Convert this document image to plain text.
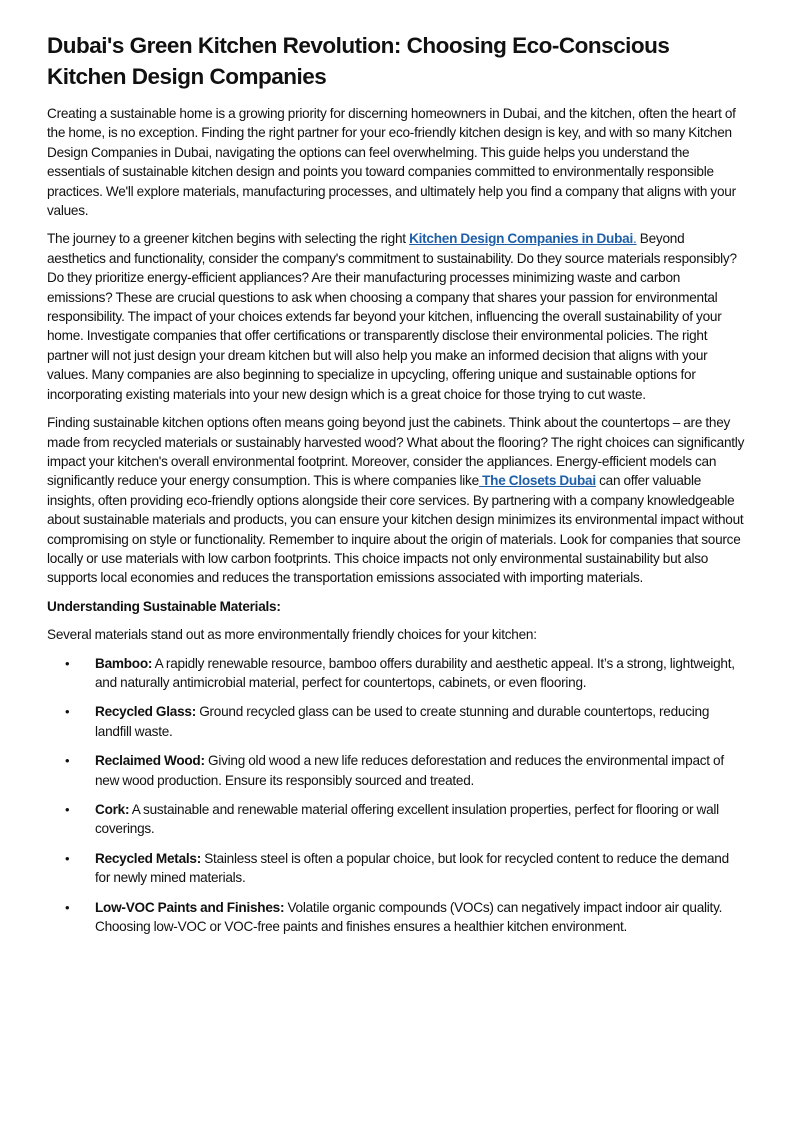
Dubai's Green Kitchen Revolution: Choosing Eco-Conscious Kitchen Design Companies

Creating a sustainable home is a growing priority for discerning homeowners in Dubai, and the kitchen, often the heart of the home, is no exception. Finding the right partner for your eco-friendly kitchen design is key, and with so many Kitchen Design Companies in Dubai, navigating the options can feel overwhelming. This guide helps you understand the essentials of sustainable kitchen design and points you toward companies committed to environmentally responsible practices. We'll explore materials, manufacturing processes, and ultimately help you find a company that aligns with your values.

The journey to a greener kitchen begins with selecting the right Kitchen Design Companies in Dubai. Beyond aesthetics and functionality, consider the company's commitment to sustainability. Do they source materials responsibly? Do they prioritize energy-efficient appliances? Are their manufacturing processes minimizing waste and carbon emissions? These are crucial questions to ask when choosing a company that shares your passion for environmental responsibility. The impact of your choices extends far beyond your kitchen, influencing the overall sustainability of your home. Investigate companies that offer certifications or transparently disclose their environmental policies. The right partner will not just design your dream kitchen but will also help you make an informed decision that aligns with your values. Many companies are also beginning to specialize in upcycling, offering unique and sustainable options for incorporating existing materials into your new design which is a great choice for those trying to cut waste.

Finding sustainable kitchen options often means going beyond just the cabinets. Think about the countertops – are they made from recycled materials or sustainably harvested wood? What about the flooring? The right choices can significantly impact your kitchen's overall environmental footprint. Moreover, consider the appliances. Energy-efficient models can significantly reduce your energy consumption. This is where companies like The Closets Dubai can offer valuable insights, often providing eco-friendly options alongside their core services. By partnering with a company knowledgeable about sustainable materials and products, you can ensure your kitchen design minimizes its environmental impact without compromising on style or functionality. Remember to inquire about the origin of materials. Look for companies that source locally or use materials with low carbon footprints. This choice impacts not only environmental sustainability but also supports local economies and reduces the transportation emissions associated with importing materials.

Understanding Sustainable Materials:

Several materials stand out as more environmentally friendly choices for your kitchen:

• Bamboo: A rapidly renewable resource, bamboo offers durability and aesthetic appeal. It’s a strong, lightweight, and naturally antimicrobial material, perfect for countertops, cabinets, or even flooring.
• Recycled Glass: Ground recycled glass can be used to create stunning and durable countertops, reducing landfill waste.
• Reclaimed Wood: Giving old wood a new life reduces deforestation and reduces the environmental impact of new wood production. Ensure its responsibly sourced and treated.
• Cork: A sustainable and renewable material offering excellent insulation properties, perfect for flooring or wall coverings.
• Recycled Metals: Stainless steel is often a popular choice, but look for recycled content to reduce the demand for newly mined materials.
• Low-VOC Paints and Finishes: Volatile organic compounds (VOCs) can negatively impact indoor air quality. Choosing low-VOC or VOC-free paints and finishes ensures a healthier kitchen environment.
